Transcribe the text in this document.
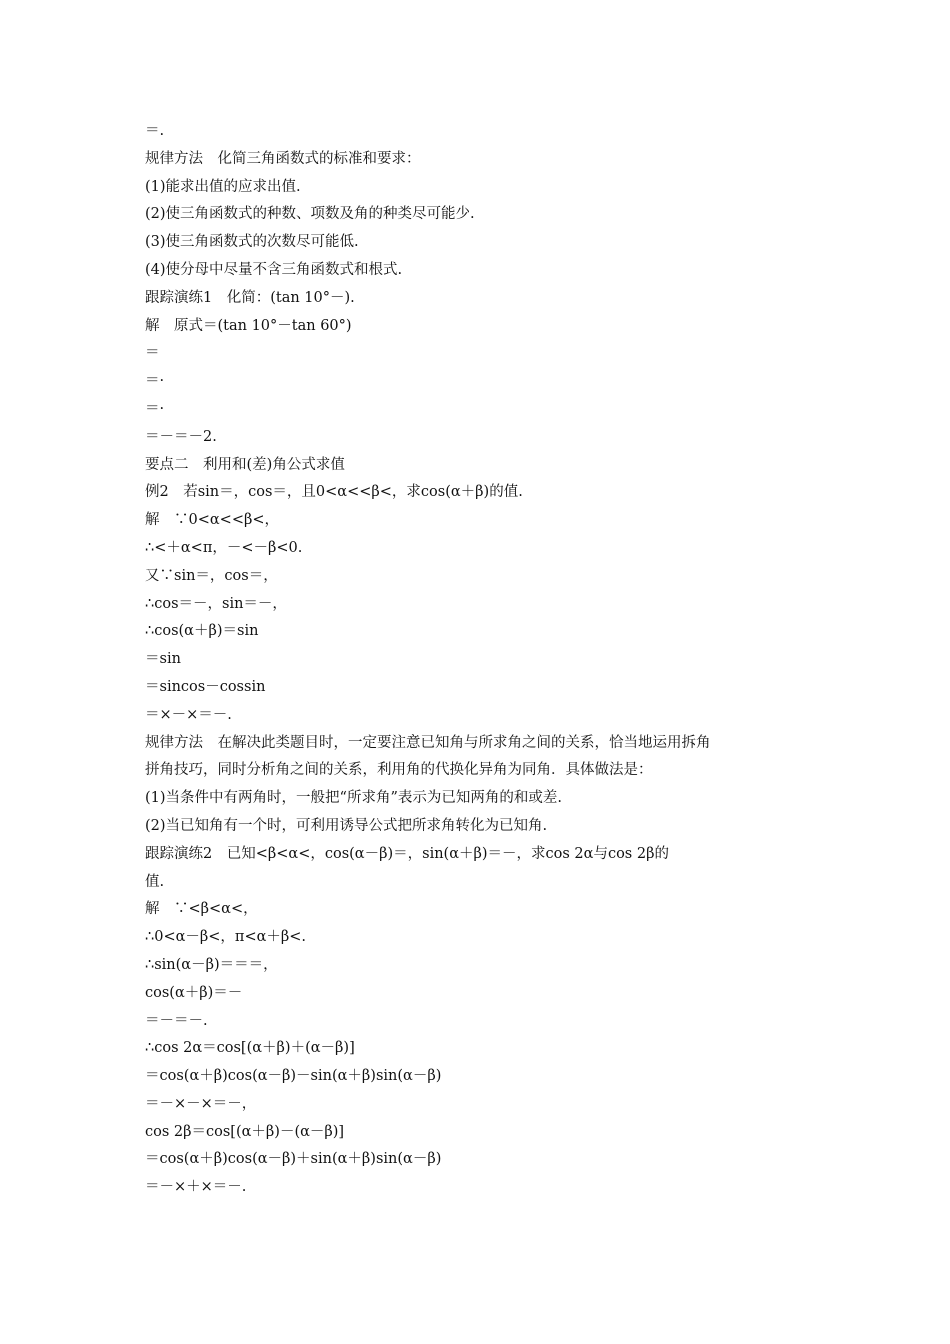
＝.
规律方法　化简三角函数式的标准和要求：
(1)能求出值的应求出值.
(2)使三角函数式的种数、项数及角的种类尽可能少.
(3)使三角函数式的次数尽可能低.
(4)使分母中尽量不含三角函数式和根式.
跟踪演练1　化简：(tan 10°－).
解　原式＝(tan 10°－tan 60°)
＝
＝·
＝·
＝－＝－2.
要点二　利用和(差)角公式求值
例2　若sin＝，cos＝，且0<α<<β<，求cos(α＋β)的值.
解　∵0<α<<β<，
∴<＋α<π，－<－β<0.
又∵sin＝，cos＝，
∴cos＝－，sin＝－，
∴cos(α＋β)＝sin
＝sin
＝sincos－cossin
＝×－×＝－.
规律方法　在解决此类题目时，一定要注意已知角与所求角之间的关系，恰当地运用拆角
拼角技巧，同时分析角之间的关系，利用角的代换化异角为同角．具体做法是：
(1)当条件中有两角时，一般把“所求角”表示为已知两角的和或差.
(2)当已知角有一个时，可利用诱导公式把所求角转化为已知角.
跟踪演练2　已知<β<α<，cos(α－β)＝，sin(α＋β)＝－，求cos 2α与cos 2β的
值.
解　∵<β<α<，
∴0<α－β<，π<α＋β<.
∴sin(α－β)＝＝＝，
cos(α＋β)＝－
＝－＝－.
∴cos 2α＝cos[(α＋β)＋(α－β)]
＝cos(α＋β)cos(α－β)－sin(α＋β)sin(α－β)
＝－×－×＝－，
cos 2β＝cos[(α＋β)－(α－β)]
＝cos(α＋β)cos(α－β)＋sin(α＋β)sin(α－β)
＝－×＋×＝－.
